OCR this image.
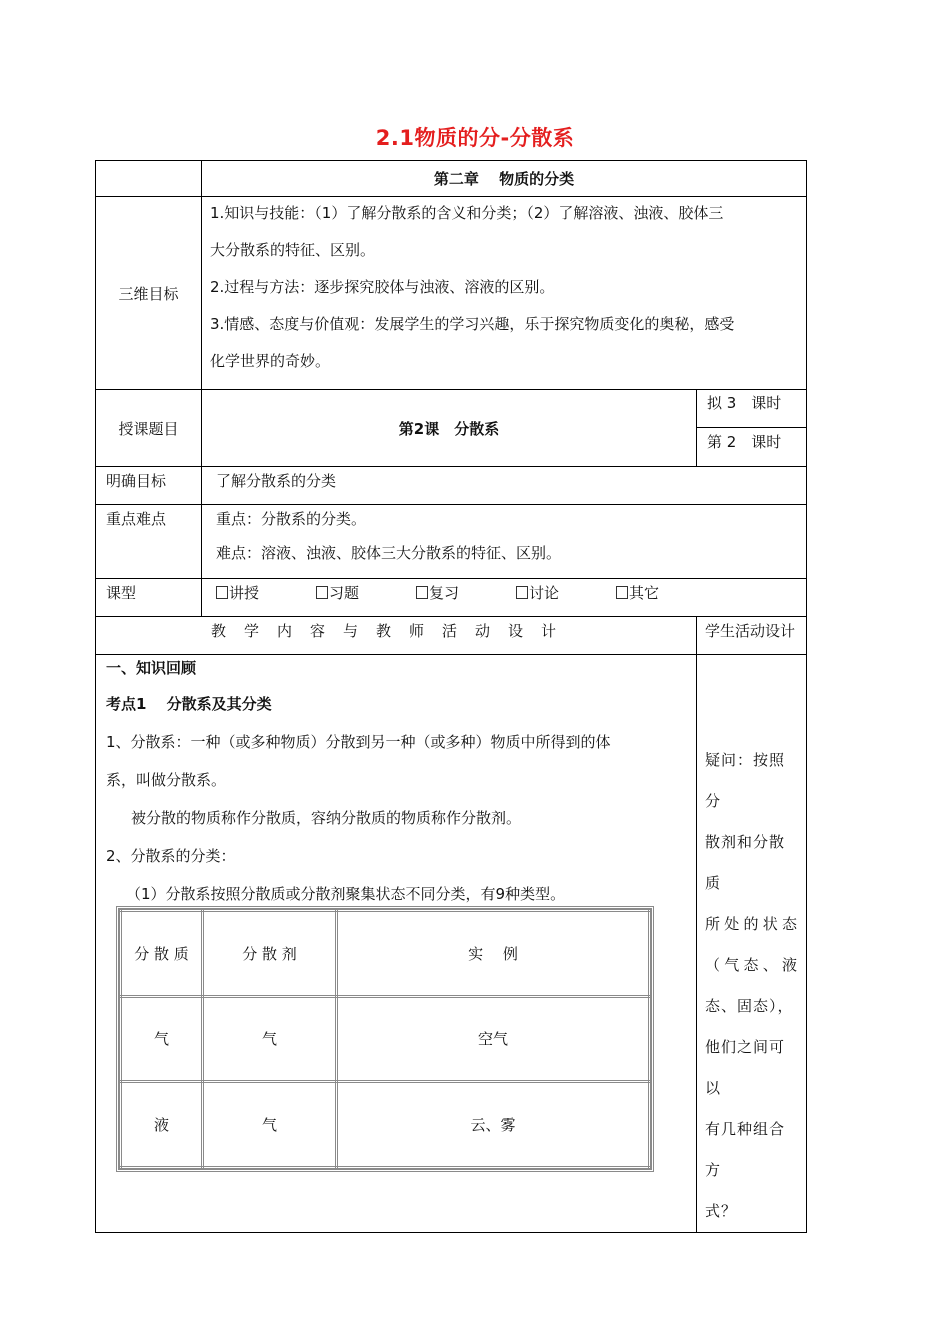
2.1物质的分-分散系
	第二章　 物质的分类
三维目标	
1.知识与技能：（1）了解分散系的含义和分类；（2）了解溶液、浊液、胶体三
大分散系的特征、区别。
2.过程与方法：逐步探究胶体与浊液、溶液的区别。
3.情感、态度与价值观：发展学生的学习兴趣，乐于探究物质变化的奥秘，感受
化学世界的奇妙。

授课题目	第2课　分散系	
拟 3　课时
第 2　课时

明确目标	了解分散系的分类
重点难点	重点：分散系的分类。
难点：溶液、浊液、胶体三大分散系的特征、区别。

课型	讲授	习题	复习	讨论	其它
教学内容与教师活动设计	学生活动设计

一、知识回顾
考点1　 分散系及其分类
1、分散系：一种（或多种物质）分散到另一种（或多种）物质中所得到的体
系，叫做分散系。
被分散的物质称作分散质，容纳分散质的物质称作分散剂。
2、分散系的分类：
（1）分散系按照分散质或分散剂聚集状态不同分类，有9种类型。
分 散 质	分 散 剂	实　 例
气	气	空气
液	气	云、雾

疑问：按照分
散剂和分散质
所处的状态
（气态、液
态、固态），
他们之间可以
有几种组合方
式？
